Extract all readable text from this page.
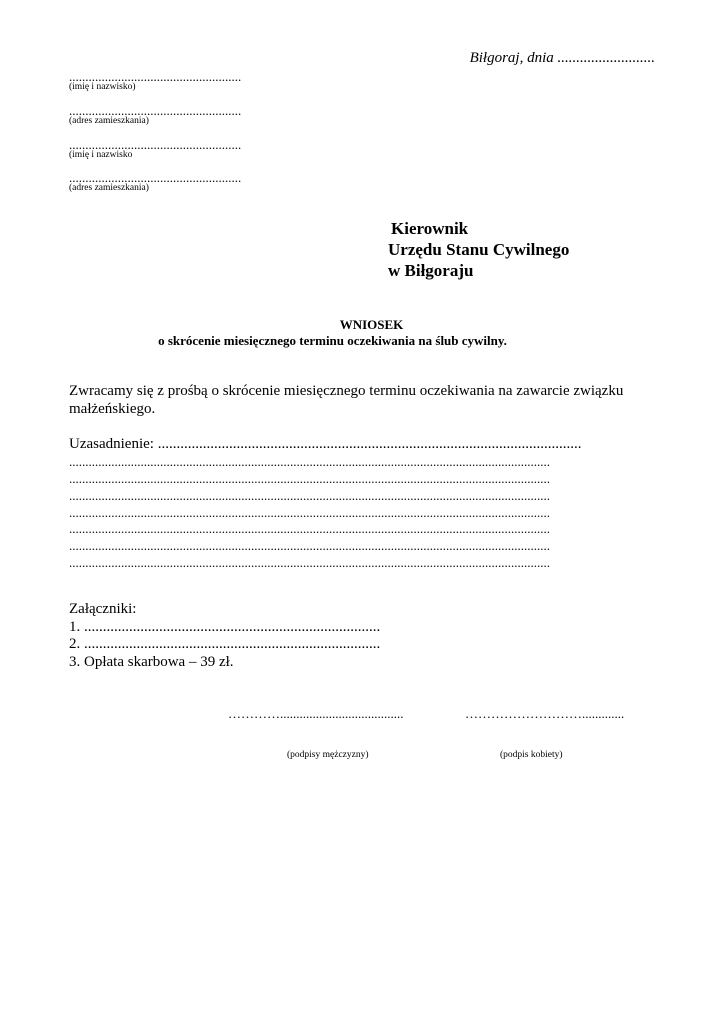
Biłgoraj, dnia ..........................
.....................................................
(imię i nazwisko)
.....................................................
(adres zamieszkania)
.....................................................
(imię i nazwisko
.....................................................
(adres zamieszkania)
Kierownik
Urzędu Stanu Cywilnego
w Biłgoraju
WNIOSEK
o skrócenie miesięcznego terminu oczekiwania na ślub cywilny.
Zwracamy się z prośbą o skrócenie miesięcznego terminu oczekiwania na zawarcie związku małżeńskiego.
Uzasadnienie: .................................................................................................................
....................................................................................................................................................
....................................................................................................................................................
....................................................................................................................................................
....................................................................................................................................................
....................................................................................................................................................
....................................................................................................................................................
....................................................................................................................................................
Załączniki:
1. ...............................................................................
2. ...............................................................................
3. Opłata skarbowa – 39 zł.
…………......................................	……………………….............
(podpisy mężczyzny)	(podpis kobiety)
